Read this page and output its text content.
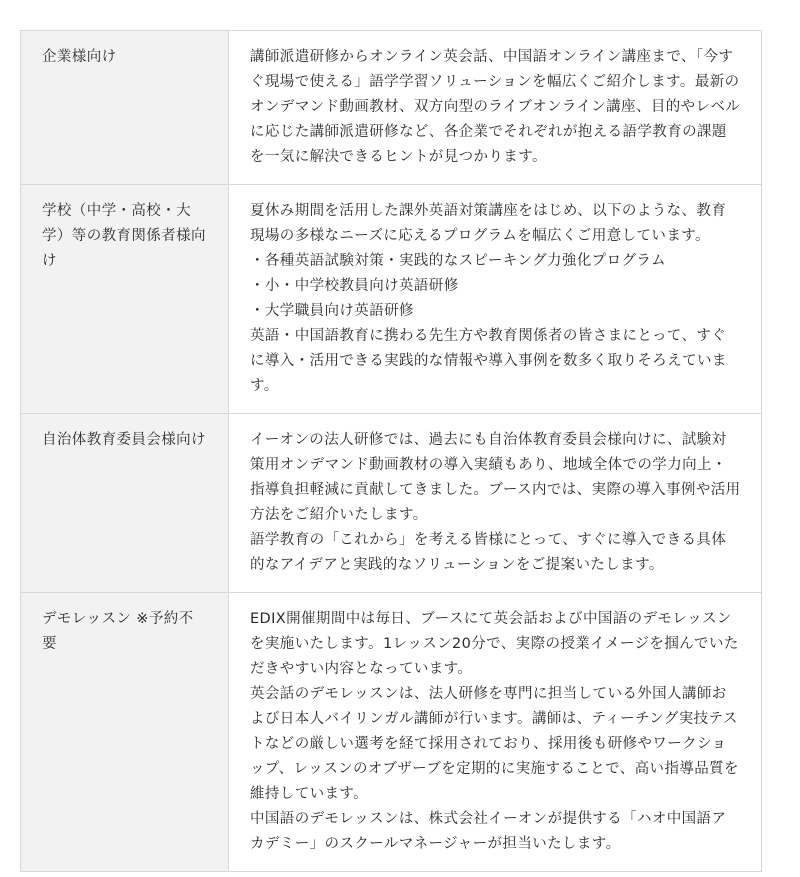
企業様向け	講師派遣研修からオンライン英会話、中国語オンライン講座まで、「今すぐ現場で使える」語学学習ソリューションを幅広くご紹介します。最新のオンデマンド動画教材、双方向型のライブオンライン講座、目的やレベルに応じた講師派遣研修など、各企業でそれぞれが抱える語学教育の課題を一気に解決できるヒントが見つかります。

学校（中学・高校・大学）等の教育関係者様向け	夏休み期間を活用した課外英語対策講座をはじめ、以下のような、教育現場の多様なニーズに応えるプログラムを幅広くご用意しています。
・各種英語試験対策・実践的なスピーキング力強化プログラム
・小・中学校教員向け英語研修
・大学職員向け英語研修
英語・中国語教育に携わる先生方や教育関係者の皆さまにとって、すぐに導入・活用できる実践的な情報や導入事例を数多く取りそろえています。

自治体教育委員会様向け	イーオンの法人研修では、過去にも自治体教育委員会様向けに、試験対策用オンデマンド動画教材の導入実績もあり、地域全体での学力向上・指導負担軽減に貢献してきました。ブース内では、実際の導入事例や活用方法をご紹介いたします。
語学教育の「これから」を考える皆様にとって、すぐに導入できる具体的なアイデアと実践的なソリューションをご提案いたします。

デモレッスン ※予約不要	EDIX開催期間中は毎日、ブースにて英会話および中国語のデモレッスンを実施いたします。1レッスン20分で、実際の授業イメージを掴んでいただきやすい内容となっています。
英会話のデモレッスンは、法人研修を専門に担当している外国人講師および日本人バイリンガル講師が行います。講師は、ティーチング実技テストなどの厳しい選考を経て採用されており、採用後も研修やワークショップ、レッスンのオブザーブを定期的に実施することで、高い指導品質を維持しています。
中国語のデモレッスンは、株式会社イーオンが提供する「ハオ中国語アカデミー」のスクールマネージャーが担当いたします。
